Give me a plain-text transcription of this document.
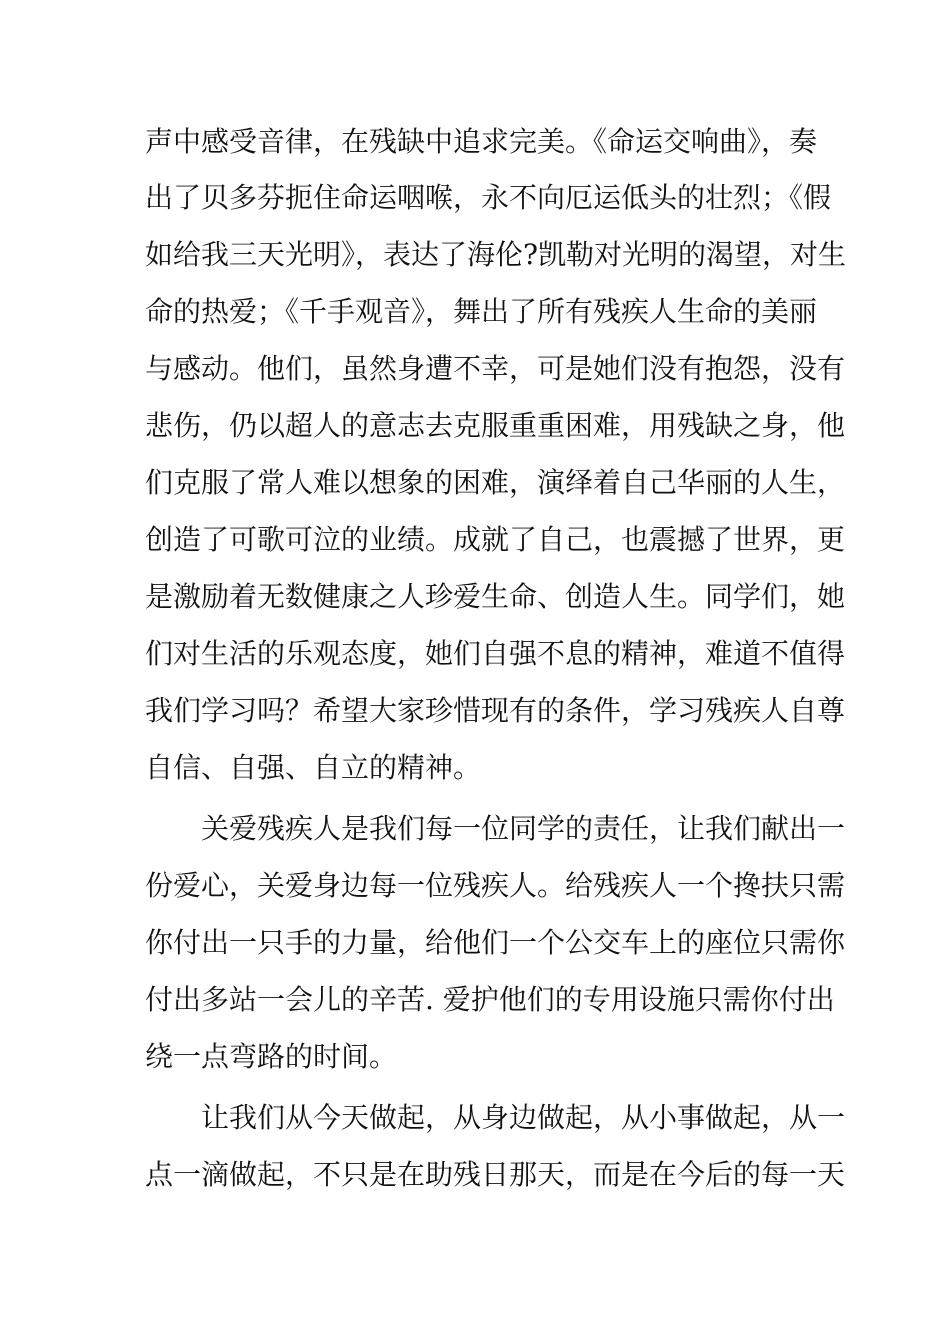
声中感受音律，在残缺中追求完美。《命运交响曲》，奏
出了贝多芬扼住命运咽喉，永不向厄运低头的壮烈；《假
如给我三天光明》，表达了海伦?凯勒对光明的渴望，对生
命的热爱；《千手观音》，舞出了所有残疾人生命的美丽
与感动。他们，虽然身遭不幸，可是她们没有抱怨，没有
悲伤，仍以超人的意志去克服重重困难，用残缺之身，他
们克服了常人难以想象的困难，演绎着自己华丽的人生，
创造了可歌可泣的业绩。成就了自己，也震撼了世界，更
是激励着无数健康之人珍爱生命、创造人生。同学们，她
们对生活的乐观态度，她们自强不息的精神，难道不值得
我们学习吗？希望大家珍惜现有的条件，学习残疾人自尊
自信、自强、自立的精神。
关爱残疾人是我们每一位同学的责任，让我们献出一
份爱心，关爱身边每一位残疾人。给残疾人一个搀扶只需
你付出一只手的力量，给他们一个公交车上的座位只需你
付出多站一会儿的辛苦. 爱护他们的专用设施只需你付出
绕一点弯路的时间。
让我们从今天做起，从身边做起，从小事做起，从一
点一滴做起，不只是在助残日那天，而是在今后的每一天
